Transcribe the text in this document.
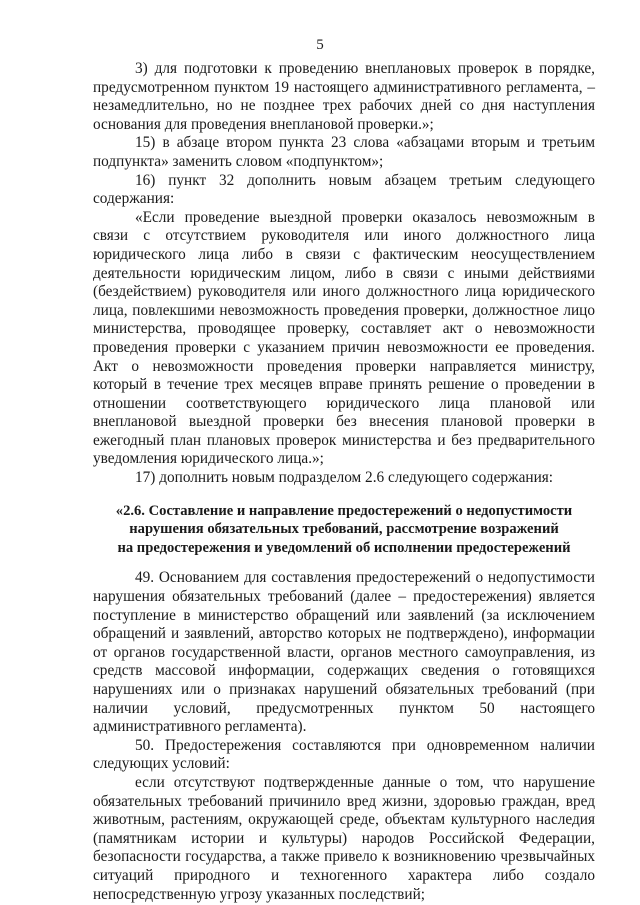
5

3) для подготовки к проведению внеплановых проверок в порядке, предусмотренном пунктом 19 настоящего административного регламента, – незамедлительно, но не позднее трех рабочих дней со дня наступления основания для проведения внеплановой проверки.»;

15) в абзаце втором пункта 23 слова «абзацами вторым и третьим подпункта» заменить словом «подпунктом»;

16) пункт 32 дополнить новым абзацем третьим следующего содержания:

«Если проведение выездной проверки оказалось невозможным в связи с отсутствием руководителя или иного должностного лица юридического лица либо в связи с фактическим неосуществлением деятельности юридическим лицом, либо в связи с иными действиями (бездействием) руководителя или иного должностного лица юридического лица, повлекшими невозможность проведения проверки, должностное лицо министерства, проводящее проверку, составляет акт о невозможности проведения проверки с указанием причин невозможности ее проведения. Акт о невозможности проведения проверки направляется министру, который в течение трех месяцев вправе принять решение о проведении в отношении соответствующего юридического лица плановой или внеплановой выездной проверки без внесения плановой проверки в ежегодный план плановых проверок министерства и без предварительного уведомления юридического лица.»;

17) дополнить новым подразделом 2.6 следующего содержания:

«2.6. Составление и направление предостережений о недопустимости
нарушения обязательных требований, рассмотрение возражений
на предостережения и уведомлений об исполнении предостережений

49. Основанием для составления предостережений о недопустимости нарушения обязательных требований (далее – предостережения) является поступление в министерство обращений или заявлений (за исключением обращений и заявлений, авторство которых не подтверждено), информации от органов государственной власти, органов местного самоуправления, из средств массовой информации, содержащих сведения о готовящихся нарушениях или о признаках нарушений обязательных требований (при наличии условий, предусмотренных пунктом 50 настоящего административного регламента).

50. Предостережения составляются при одновременном наличии следующих условий:

если отсутствуют подтвержденные данные о том, что нарушение обязательных требований причинило вред жизни, здоровью граждан, вред животным, растениям, окружающей среде, объектам культурного наследия (памятникам истории и культуры) народов Российской Федерации, безопасности государства, а также привело к возникновению чрезвычайных ситуаций природного и техногенного характера либо создало непосредственную угрозу указанных последствий;
